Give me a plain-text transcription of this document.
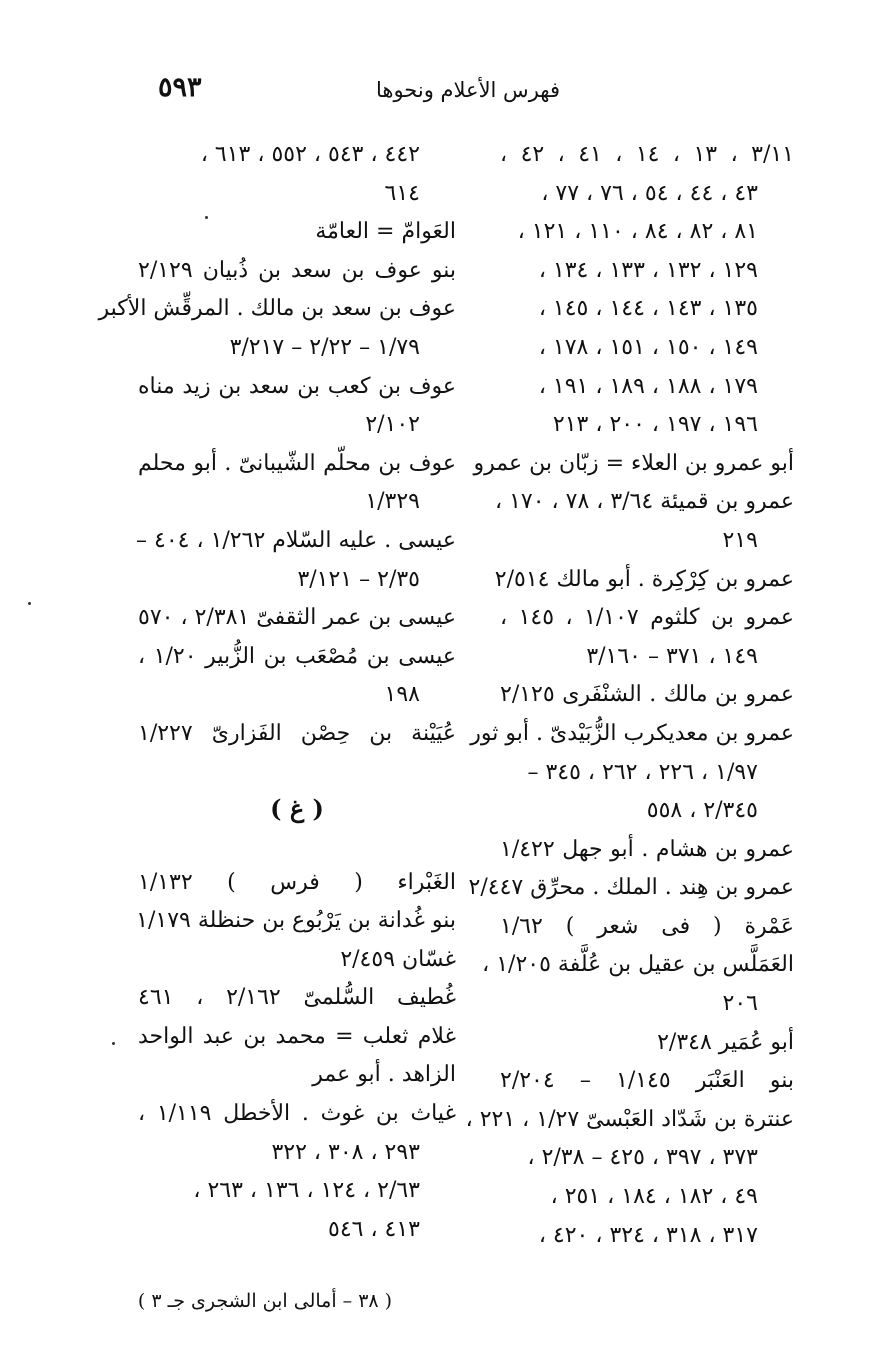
٥٩٣	فهرس الأعلام ونحوها
٣/١١ ، ١٣ ، ١٤ ، ٤١ ، ٤٢ ،
٤٣ ، ٤٤ ، ٥٤ ، ٧٦ ، ٧٧ ،
٨١ ، ٨٢ ، ٨٤ ، ١١٠ ، ١٢١ ،
١٢٩ ، ١٣٢ ، ١٣٣ ، ١٣٤ ،
١٣٥ ، ١٤٣ ، ١٤٤ ، ١٤٥ ،
١٤٩ ، ١٥٠ ، ١٥١ ، ١٧٨ ،
١٧٩ ، ١٨٨ ، ١٨٩ ، ١٩١ ،
١٩٦ ، ١٩٧ ، ٢٠٠ ، ٢١٣
أبو عمرو بن العلاء = زبّان بن عمرو
عمرو بن قميئة ٣/٦٤ ، ٧٨ ، ١٧٠ ،
٢١٩
عمرو بن كِرْكِرة . أبو مالك ٢/٥١٤
عمرو بن كلثوم ١/١٠٧ ، ١٤٥ ،
١٤٩ ، ٣٧١ – ٣/١٦٠
عمرو بن مالك . الشنْفَرى ٢/١٢٥
عمرو بن معديكرب الزُّبَيْدىّ . أبو ثور
١/٩٧ ، ٢٢٦ ، ٢٦٢ ، ٣٤٥ –
٢/٣٤٥ ، ٥٥٨
عمرو بن هشام . أبو جهل ١/٤٢٢
عمرو بن هِند . الملك . محرِّق ٢/٤٤٧
عَمْرة ( فى شعر ) ١/٦٢
العَمَلَّس بن عقيل بن عُلَّفة ١/٢٠٥ ،
٢٠٦
أبو عُمَير ٢/٣٤٨
بنو العَنْبَر ١/١٤٥ – ٢/٢٠٤
عنترة بن شَدّاد العَبْسىّ ١/٢٧ ، ٢٢١ ،
٣٧٣ ، ٣٩٧ ، ٤٢٥ – ٢/٣٨ ،
٤٩ ، ١٨٢ ، ١٨٤ ، ٢٥١ ،
٣١٧ ، ٣١٨ ، ٣٢٤ ، ٤٢٠ ،
٤٤٢ ، ٥٤٣ ، ٥٥٢ ، ٦١٣ ،
٦١٤
العَوامّ = العامّة
بنو عوف بن سعد بن ذُبيان ٢/١٢٩
عوف بن سعد بن مالك . المرقِّش الأكبر
١/٧٩ – ٢/٢٢ – ٣/٢١٧
عوف بن كعب بن سعد بن زيد مناه
٢/١٠٢
عوف بن محلّم الشّيبانىّ . أبو محلم
١/٣٢٩
عيسى . عليه السّلام ١/٢٦٢ ، ٤٠٤ –
٢/٣٥ – ٣/١٢١
عيسى بن عمر الثقفىّ ٢/٣٨١ ، ٥٧٠
عيسى بن مُصْعَب بن الزُّبير ١/٢٠ ،
١٩٨
عُيَيْنة بن حِصْن الفَزارىّ ١/٢٢٧
( غ )
الغَبْراء ( فرس ) ١/١٣٢
بنو غُدانة بن يَرْبُوع بن حنظلة ١/١٧٩
غسّان ٢/٤٥٩
غُطيف السُّلمىّ ٢/١٦٢ ، ٤٦١
غلام ثعلب = محمد بن عبد الواحد
الزاهد . أبو عمر
غياث بن غوث . الأخطل ١/١١٩ ،
٢٩٣ ، ٣٠٨ ، ٣٢٢
٢/٦٣ ، ١٢٤ ، ١٣٦ ، ٢٦٣ ،
٤١٣ ، ٥٤٦
( ٣٨ – أمالى ابن الشجرى جـ ٣ )
